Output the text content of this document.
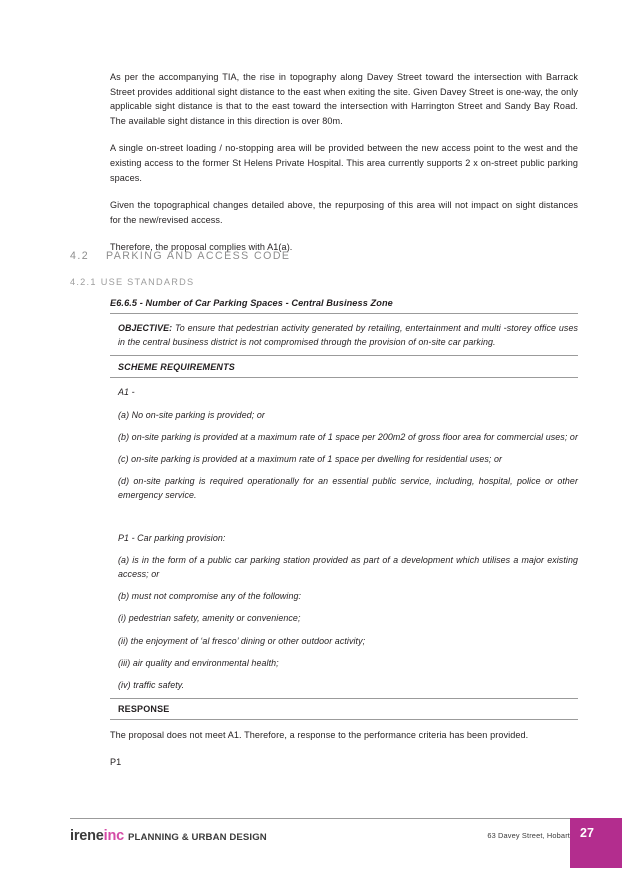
As per the accompanying TIA, the rise in topography along Davey Street toward the intersection with Barrack Street provides additional sight distance to the east when exiting the site. Given Davey Street is one-way, the only applicable sight distance is that to the east toward the intersection with Harrington Street and Sandy Bay Road. The available sight distance in this direction is over 80m.

A single on-street loading / no-stopping area will be provided between the new access point to the west and the existing access to the former St Helens Private Hospital. This area currently supports 2 x on-street public parking spaces.

Given the topographical changes detailed above, the repurposing of this area will not impact on sight distances for the new/revised access.

Therefore, the proposal complies with A1(a).

4.2 PARKING AND ACCESS CODE
4.2.1 USE STANDARDS
E6.6.5 - Number of Car Parking Spaces - Central Business Zone

OBJECTIVE: To ensure that pedestrian activity generated by retailing, entertainment and multi -storey office uses in the central business district is not compromised through the provision of on-site car parking.

SCHEME REQUIREMENTS

A1 -

(a) No on-site parking is provided; or

(b) on-site parking is provided at a maximum rate of 1 space per 200m2 of gross floor area for commercial uses; or

(c) on-site parking is provided at a maximum rate of 1 space per dwelling for residential uses; or

(d) on-site parking is required operationally for an essential public service, including, hospital, police or other emergency service.

P1 - Car parking provision:

(a) is in the form of a public car parking station provided as part of a development which utilises a major existing access; or

(b) must not compromise any of the following:

(i) pedestrian safety, amenity or convenience;

(ii) the enjoyment of ‘al fresco’ dining or other outdoor activity;

(iii) air quality and environmental health;

(iv) traffic safety.

RESPONSE

The proposal does not meet A1. Therefore, a response to the performance criteria has been provided.

P1

ireneinc PLANNING & URBAN DESIGN	63 Davey Street, Hobart 27
